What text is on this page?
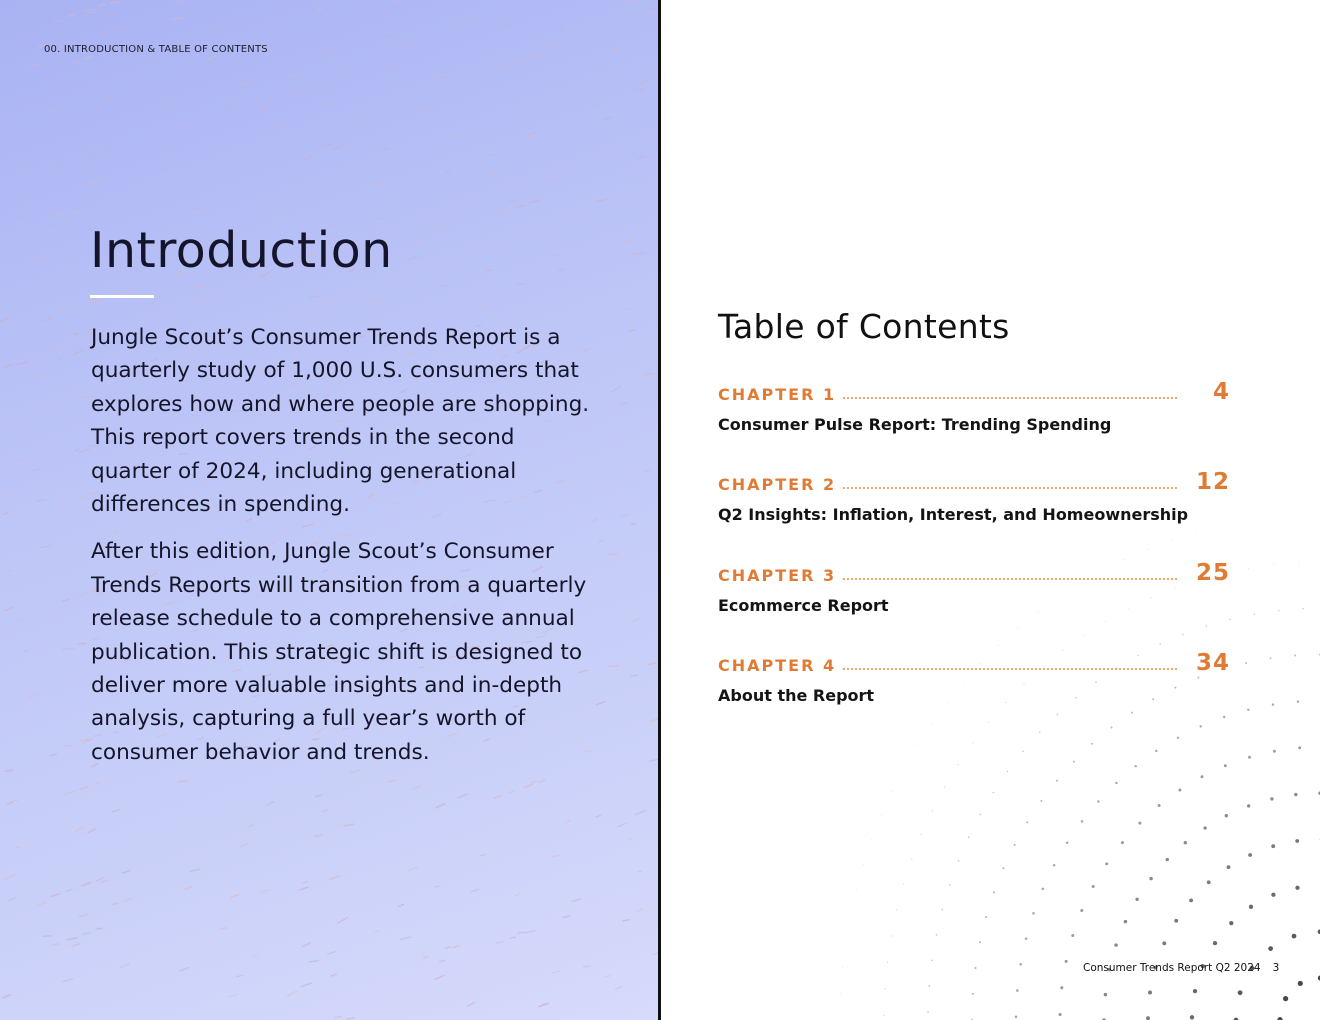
00. INTRODUCTION & TABLE OF CONTENTS
Introduction

Jungle Scout’s Consumer Trends Report is a quarterly study of 1,000 U.S. consumers that explores how and where people are shopping. This report covers trends in the second quarter of 2024, including generational differences in spending.

After this edition, Jungle Scout’s Consumer Trends Reports will transition from a quarterly release schedule to a comprehensive annual publication. This strategic shift is designed to deliver more valuable insights and in-depth analysis, capturing a full year’s worth of consumer behavior and trends.

Table of Contents
CHAPTER 1	4
Consumer Pulse Report: Trending Spending
CHAPTER 2	12
Q2 Insights: Inflation, Interest, and Homeownership
CHAPTER 3	25
Ecommerce Report
CHAPTER 4	34
About the Report
Consumer Trends Report Q2 2024 3
